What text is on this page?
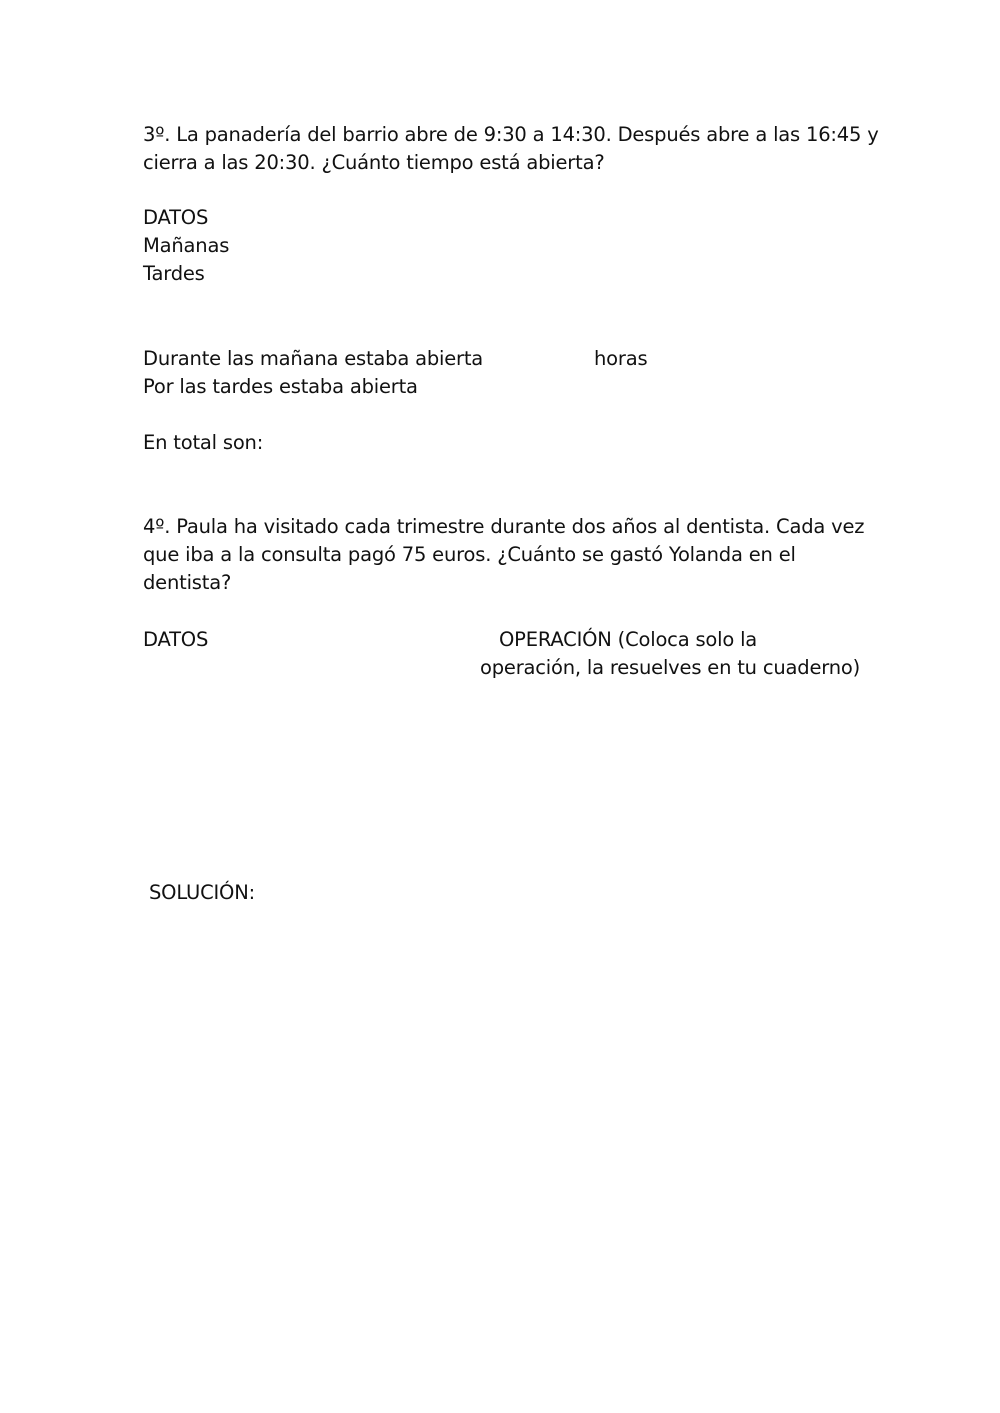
3º. La panadería del barrio abre de 9:30 a 14:30. Después abre a las 16:45 y
cierra a las 20:30. ¿Cuánto tiempo está abierta?
DATOS
Mañanas
Tardes
Durante las mañana estaba abierta	horas
Por las tardes estaba abierta
En total son:
4º. Paula ha visitado cada trimestre durante dos años al dentista. Cada vez
que iba a la consulta pagó 75 euros. ¿Cuánto se gastó Yolanda en el
dentista?
DATOS	OPERACIÓN (Coloca solo la
operación, la resuelves en tu cuaderno)
SOLUCIÓN:
